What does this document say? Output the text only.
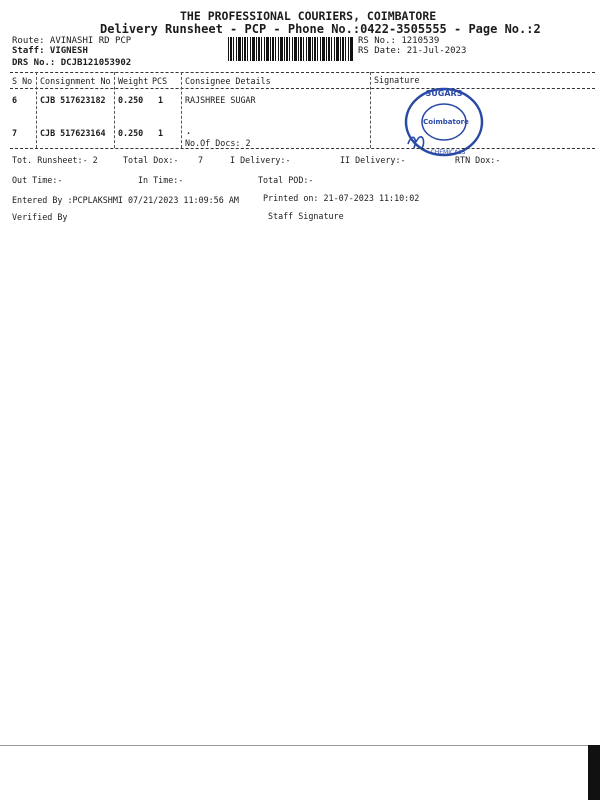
THE PROFESSIONAL COURIERS, COIMBATORE
Delivery Runsheet - PCP - Phone No.:0422-3505555 - Page No.:2
Route: AVINASHI RD PCP
Staff: VIGNESH
DRS No.: DCJB121053902
RS No.: 1210539
RS Date: 21-Jul-2023
S No Consignment No Weight PCS Consignee Details	Signature
6	CJB 517623182 0.250 1	RAJSHREE SUGAR
7	CJB 517623164 0.250 1	.
No.Of Docs: 2
SUGARS
Coimbatore
CHEMICALS
Tot. Runsheet:- 2	Total Dox:- 7	I Delivery:-	II Delivery:-	RTN Dox:-
Out Time:-	In Time:-	Total POD:-
Entered By :PCPLAKSHMI 07/21/2023 11:09:56 AM	Printed on: 21-07-2023 11:10:02
Verified By	Staff Signature
